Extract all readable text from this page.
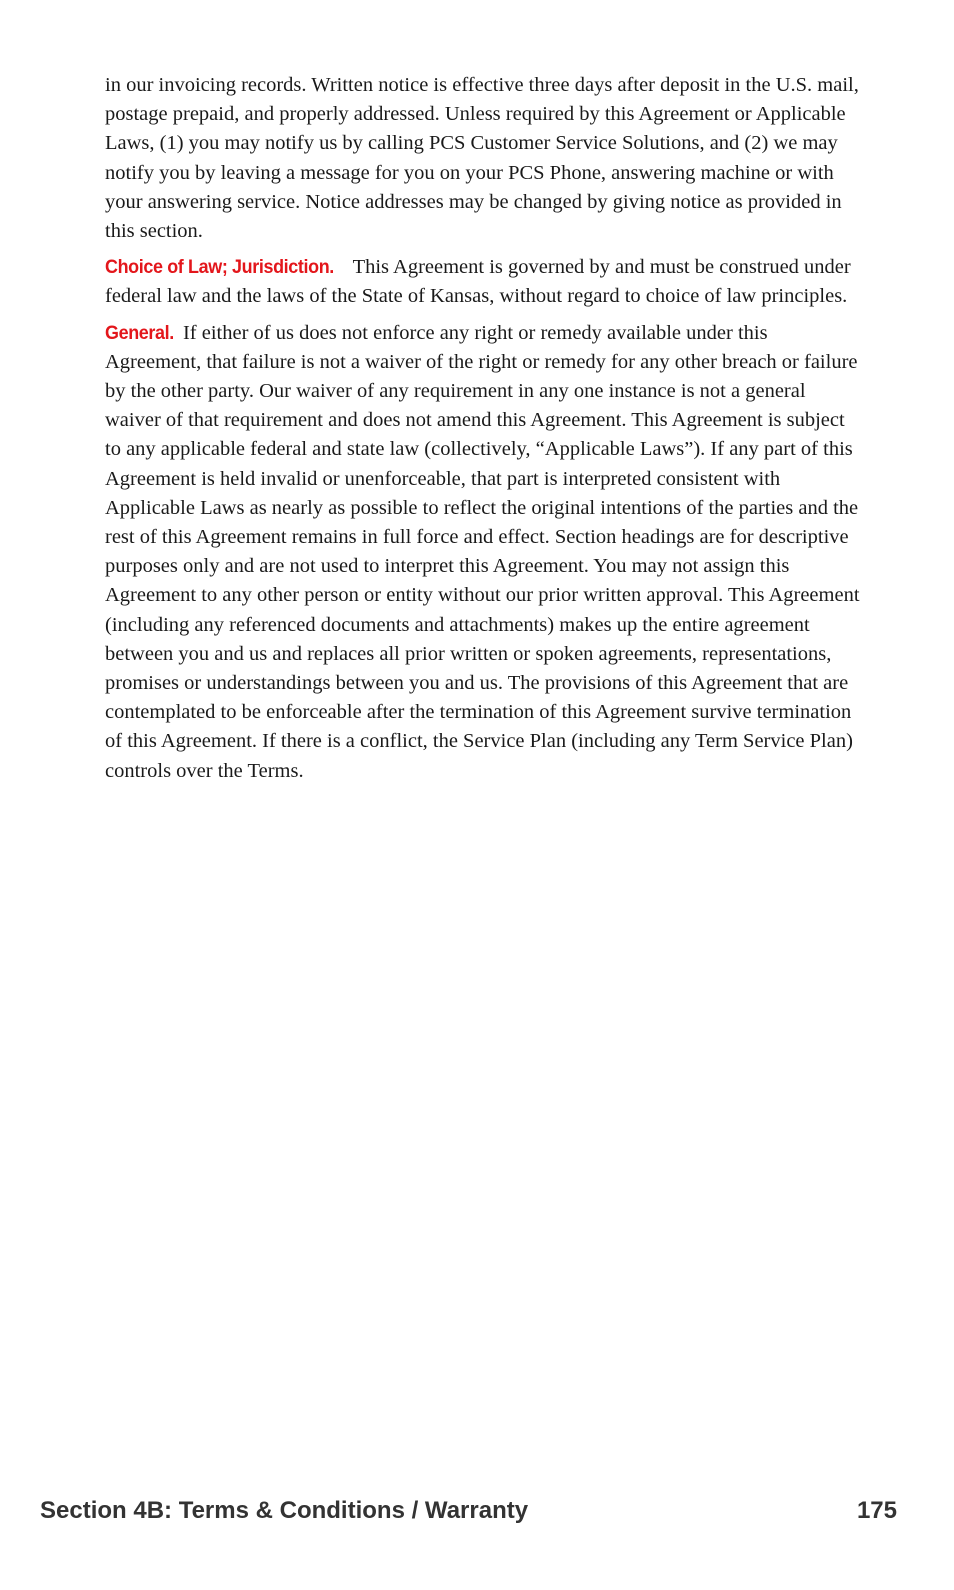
in our invoicing records. Written notice is effective three days after deposit in the U.S. mail, postage prepaid, and properly addressed. Unless required by this Agreement or Applicable Laws, (1) you may notify us by calling PCS Customer Service Solutions, and (2) we may notify you by leaving a message for you on your PCS Phone, answering machine or with your answering service. Notice addresses may be changed by giving notice as provided in this section.

Choice of Law; Jurisdiction. This Agreement is governed by and must be construed under federal law and the laws of the State of Kansas, without regard to choice of law principles.

General. If either of us does not enforce any right or remedy available under this Agreement, that failure is not a waiver of the right or remedy for any other breach or failure by the other party. Our waiver of any requirement in any one instance is not a general waiver of that requirement and does not amend this Agreement. This Agreement is subject to any applicable federal and state law (collectively, “Applicable Laws”). If any part of this Agreement is held invalid or unenforceable, that part is interpreted consistent with Applicable Laws as nearly as possible to reflect the original intentions of the parties and the rest of this Agreement remains in full force and effect. Section headings are for descriptive purposes only and are not used to interpret this Agreement. You may not assign this Agreement to any other person or entity without our prior written approval. This Agreement (including any referenced documents and attachments) makes up the entire agreement between you and us and replaces all prior written or spoken agreements, representations, promises or understandings between you and us. The provisions of this Agreement that are contemplated to be enforceable after the termination of this Agreement survive termination of this Agreement. If there is a conflict, the Service Plan (including any Term Service Plan) controls over the Terms.

Section 4B: Terms & Conditions / Warranty	175
